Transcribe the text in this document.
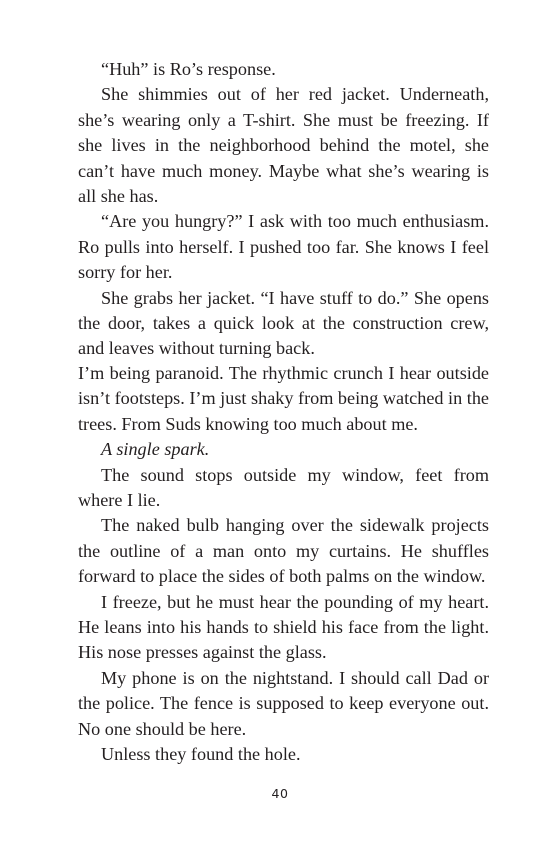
“Huh” is Ro’s response.

She shimmies out of her red jacket. Underneath, she’s wearing only a T-shirt. She must be freezing. If she lives in the neighborhood behind the motel, she can’t have much money. Maybe what she’s wearing is all she has.

“Are you hungry?” I ask with too much enthusiasm. Ro pulls into herself. I pushed too far. She knows I feel sorry for her.

She grabs her jacket. “I have stuff to do.” She opens the door, takes a quick look at the construction crew, and leaves without turning back.

I’m being paranoid. The rhythmic crunch I hear outside isn’t footsteps. I’m just shaky from being watched in the trees. From Suds knowing too much about me.

A single spark.

The sound stops outside my window, feet from where I lie.

The naked bulb hanging over the sidewalk projects the outline of a man onto my curtains. He shuffles forward to place the sides of both palms on the window.

I freeze, but he must hear the pounding of my heart. He leans into his hands to shield his face from the light. His nose presses against the glass.

My phone is on the nightstand. I should call Dad or the police. The fence is supposed to keep everyone out. No one should be here.

Unless they found the hole.

40
